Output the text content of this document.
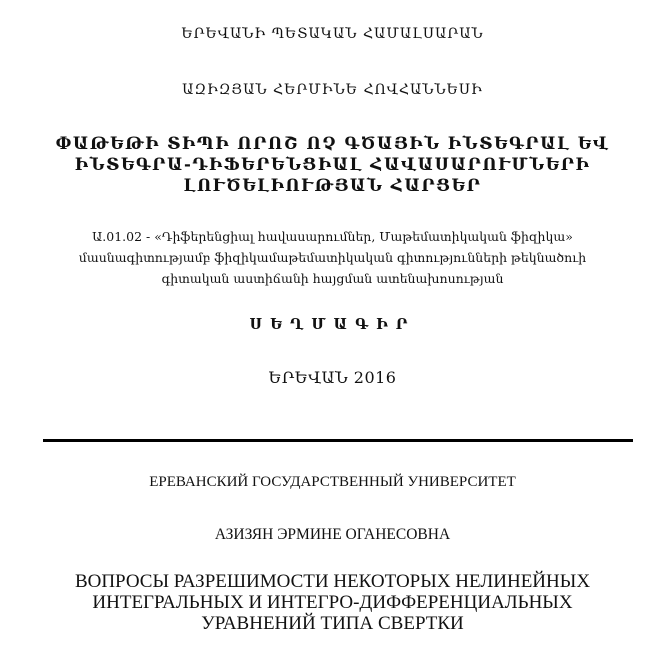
ԵՐԵՎԱՆԻ ՊԵՏԱԿԱՆ ՀԱՄԱԼՍԱՐԱՆ
ԱԶԻԶՅԱՆ ՀԵՐՄԻՆԵ ՀՈՎՀԱՆՆԵՍԻ
ՓԱԹԵԹԻ ՏԻՊԻ ՈՐՈՇ ՈՉ ԳԾԱՅԻՆ ԻՆՏԵԳՐԱԼ ԵՎ
ԻՆՏԵԳՐԱ-ԴԻՖԵՐԵՆՑԻԱԼ ՀԱՎԱՍԱՐՈՒՄՆԵՐԻ
ԼՈՒԾԵԼԻՈՒԹՅԱՆ ՀԱՐՑԵՐ
Ա.01.02 - «Դիֆերենցիալ հավասարումներ, Մաթեմատիկական ֆիզիկա»
մասնագիտությամբ ֆիզիկամաթեմատիկական գիտությունների թեկնածուի
գիտական աստիճանի հայցման ատենախոսության
ՍԵՂՄԱԳԻՐ
ԵՐԵՎԱՆ 2016
ЕРЕВАНСКИЙ ГОСУДАРСТВЕННЫЙ УНИВЕРСИТЕТ
АЗИЗЯН ЭРМИНЕ ОГАНЕСОВНА
ВОПРОСЫ РАЗРЕШИМОСТИ НЕКОТОРЫХ НЕЛИНЕЙНЫХ
ИНТЕГРАЛЬНЫХ И ИНТЕГРО-ДИФФЕРЕНЦИАЛЬНЫХ
УРАВНЕНИЙ ТИПА СВЕРТКИ
